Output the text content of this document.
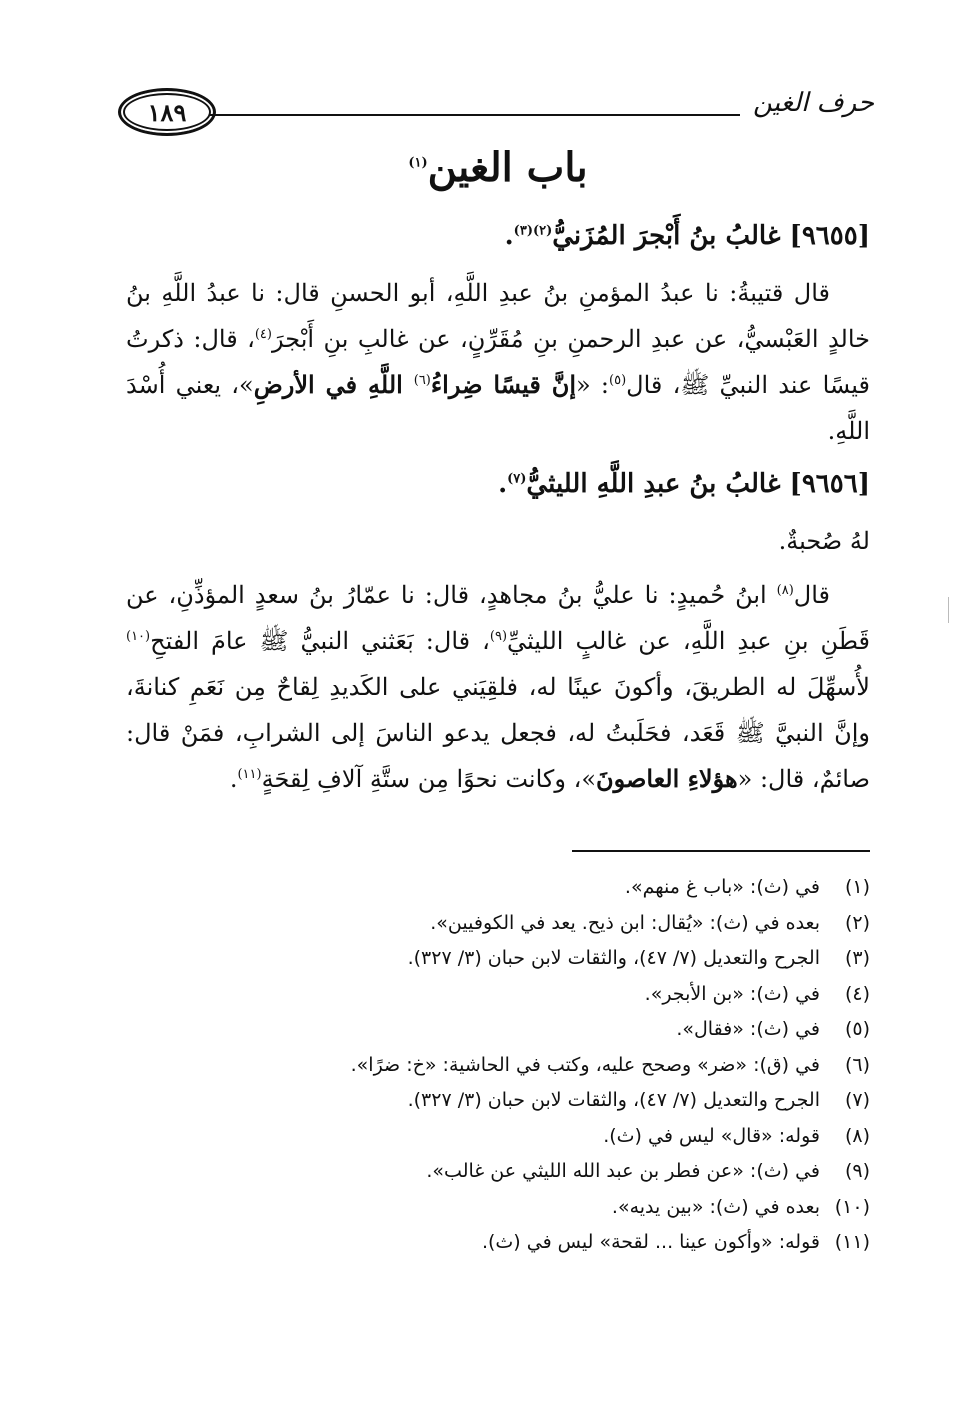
١٨٩	حرف الغين
باب الغين$^{(١)}$
[٩٦٥٥] غالبُ بنُ أَبْجرَ المُزَنيُّ$^{(٢)(٣)}$.

قال قتيبةُ: نا عبدُ المؤمنِ بنُ عبدِ اللَّهِ، أبو الحسنِ قال: نا عبدُ اللَّهِ بنُ خالدٍ العَبْسيُّ، عن عبدِ الرحمنِ بنِ مُقَرِّنٍ، عن غالبِ بنِ أَبْجرَ$^{(٤)}$، قال: ذكرتُ قيسًا عند النبيِّ ﷺ، قال$^{(٥)}$: «إنَّ قيسًا ضِراءُ$^{(٦)}$ اللَّهِ في الأرضِ»، يعني أُسْدَ اللَّهِ.

[٩٦٥٦] غالبُ بنُ عبدِ اللَّهِ الليثيُّ$^{(٧)}$.

لهُ صُحبةٌ.

قال$^{(٨)}$ ابنُ حُميدٍ: نا عليُّ بنُ مجاهدٍ، قال: نا عمّارُ بنُ سعدٍ المؤذِّنِ، عن قَطَنِ بنِ عبدِ اللَّهِ، عن غالبٍ الليثيِّ$^{(٩)}$، قال: بَعَثني النبيُّ ﷺ عامَ الفتحِ$^{(١٠)}$ لأُسهِّلَ له الطريقَ، وأكونَ عينًا له، فلقِيَني على الكَديدِ لِقاحٌ مِن نَعَمِ كنانةَ، وإنَّ النبيَّ ﷺ قَعَد، فحَلَبتُ له، فجعل يدعو الناسَ إلى الشرابِ، فمَنْ قال: صائمٌ، قال: «هؤلاءِ العاصونَ»، وكانت نحوًا مِن ستَّةِ آلافِ لِقحَةٍ$^{(١١)}$.

(١)
في (ث): «باب غ منهم».
(٢)
بعده في (ث): «يُقال: ابن ذيح. يعد في الكوفيين».
(٣)
الجرح والتعديل (٧/ ٤٧)، والثقات لابن حبان (٣/ ٣٢٧).
(٤)
في (ث): «بن الأبجر».
(٥)
في (ث): «فقال».
(٦)
في (ق): «ضر» وصحح عليه، وكتب في الحاشية: «خ: ضرًا».
(٧)
الجرح والتعديل (٧/ ٤٧)، والثقات لابن حبان (٣/ ٣٢٧).
(٨)
قوله: «قال» ليس في (ث).
(٩)
في (ث): «عن فطر بن عبد الله الليثي عن غالب».
(١٠)
بعده في (ث): «بين يديه».
(١١)
قوله: «وأكون عينا ... لقحة» ليس في (ث).
